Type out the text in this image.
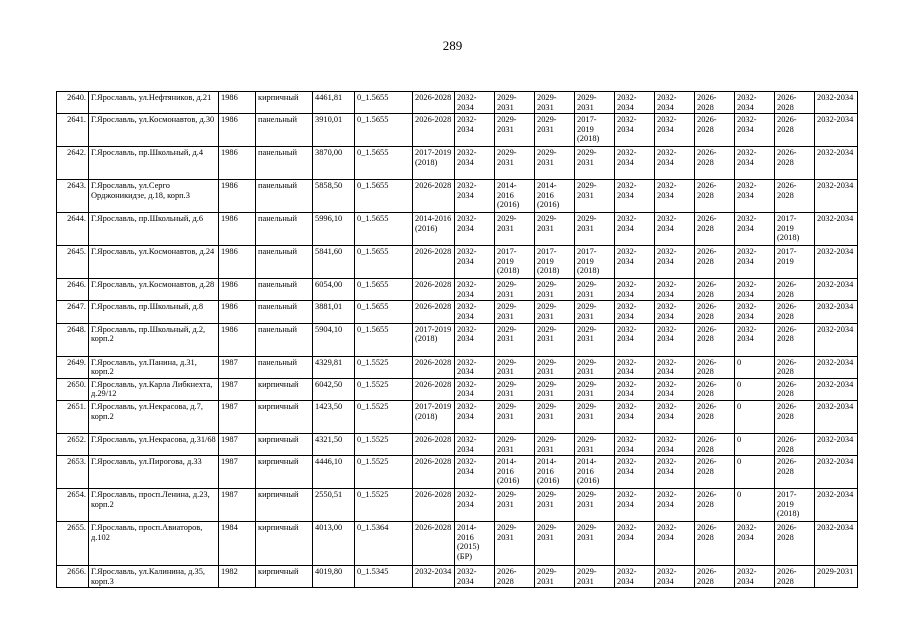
289
2640.	Г.Ярославль, ул.Нефтяников, д.21	1986	кирпичный	4461,81	0_1.5655	2026-2028	2032-2034	2029-2031	2029-2031	2029-2031	2032-2034	2032-2034	2026-2028	2032-2034	2026-2028	2032-2034
2641.	Г.Ярославль, ул.Космонавтов, д.30	1986	панельный	3910,01	0_1.5655	2026-2028	2032-2034	2029-2031	2029-2031	2017-2019 (2018)	2032-2034	2032-2034	2026-2028	2032-2034	2026-2028	2032-2034
2642.	Г.Ярославль, пр.Школьный, д.4	1986	панельный	3870,00	0_1.5655	2017-2019 (2018)	2032-2034	2029-2031	2029-2031	2029-2031	2032-2034	2032-2034	2026-2028	2032-2034	2026-2028	2032-2034
2643.	Г.Ярославль, ул.Серго Орджоникидзе, д.18, корп.3	1986	панельный	5858,50	0_1.5655	2026-2028	2032-2034	2014-2016 (2016)	2014-2016 (2016)	2029-2031	2032-2034	2032-2034	2026-2028	2032-2034	2026-2028	2032-2034
2644.	Г.Ярославль, пр.Школьный, д.6	1986	панельный	5996,10	0_1.5655	2014-2016 (2016)	2032-2034	2029-2031	2029-2031	2029-2031	2032-2034	2032-2034	2026-2028	2032-2034	2017-2019 (2018)	2032-2034
2645.	Г.Ярославль, ул.Космонавтов, д.24	1986	панельный	5841,60	0_1.5655	2026-2028	2032-2034	2017-2019 (2018)	2017-2019 (2018)	2017-2019 (2018)	2032-2034	2032-2034	2026-2028	2032-2034	2017-2019	2032-2034
2646.	Г.Ярославль, ул.Космонавтов, д.28	1986	панельный	6054,00	0_1.5655	2026-2028	2032-2034	2029-2031	2029-2031	2029-2031	2032-2034	2032-2034	2026-2028	2032-2034	2026-2028	2032-2034
2647.	Г.Ярославль, пр.Школьный, д.8	1986	панельный	3881,01	0_1.5655	2026-2028	2032-2034	2029-2031	2029-2031	2029-2031	2032-2034	2032-2034	2026-2028	2032-2034	2026-2028	2032-2034
2648.	Г.Ярославль, пр.Школьный, д.2, корп.2	1986	панельный	5904,10	0_1.5655	2017-2019 (2018)	2032-2034	2029-2031	2029-2031	2029-2031	2032-2034	2032-2034	2026-2028	2032-2034	2026-2028	2032-2034
2649.	Г.Ярославль, ул.Панина, д.31, корп.2	1987	панельный	4329,81	0_1.5525	2026-2028	2032-2034	2029-2031	2029-2031	2029-2031	2032-2034	2032-2034	2026-2028	0	2026-2028	2032-2034
2650.	Г.Ярославль, ул.Карла Либкнехта, д.29/12	1987	кирпичный	6042,50	0_1.5525	2026-2028	2032-2034	2029-2031	2029-2031	2029-2031	2032-2034	2032-2034	2026-2028	0	2026-2028	2032-2034
2651.	Г.Ярославль, ул.Некрасова, д.7, корп.2	1987	кирпичный	1423,50	0_1.5525	2017-2019 (2018)	2032-2034	2029-2031	2029-2031	2029-2031	2032-2034	2032-2034	2026-2028	0	2026-2028	2032-2034
2652.	Г.Ярославль, ул.Некрасова, д.31/68	1987	кирпичный	4321,50	0_1.5525	2026-2028	2032-2034	2029-2031	2029-2031	2029-2031	2032-2034	2032-2034	2026-2028	0	2026-2028	2032-2034
2653.	Г.Ярославль, ул.Пирогова, д.33	1987	кирпичный	4446,10	0_1.5525	2026-2028	2032-2034	2014-2016 (2016)	2014-2016 (2016)	2014-2016 (2016)	2032-2034	2032-2034	2026-2028	0	2026-2028	2032-2034
2654.	Г.Ярославль, просп.Ленина, д.23, корп.2	1987	кирпичный	2550,51	0_1.5525	2026-2028	2032-2034	2029-2031	2029-2031	2029-2031	2032-2034	2032-2034	2026-2028	0	2017-2019 (2018)	2032-2034
2655.	Г.Ярославль, просп.Авиаторов, д.102	1984	кирпичный	4013,00	0_1.5364	2026-2028	2014-2016 (2015) (БР)	2029-2031	2029-2031	2029-2031	2032-2034	2032-2034	2026-2028	2032-2034	2026-2028	2032-2034
2656.	Г.Ярославль, ул.Калинина, д.35, корп.3	1982	кирпичный	4019,80	0_1.5345	2032-2034	2032-2034	2026-2028	2029-2031	2029-2031	2032-2034	2032-2034	2026-2028	2032-2034	2026-2028	2029-2031
